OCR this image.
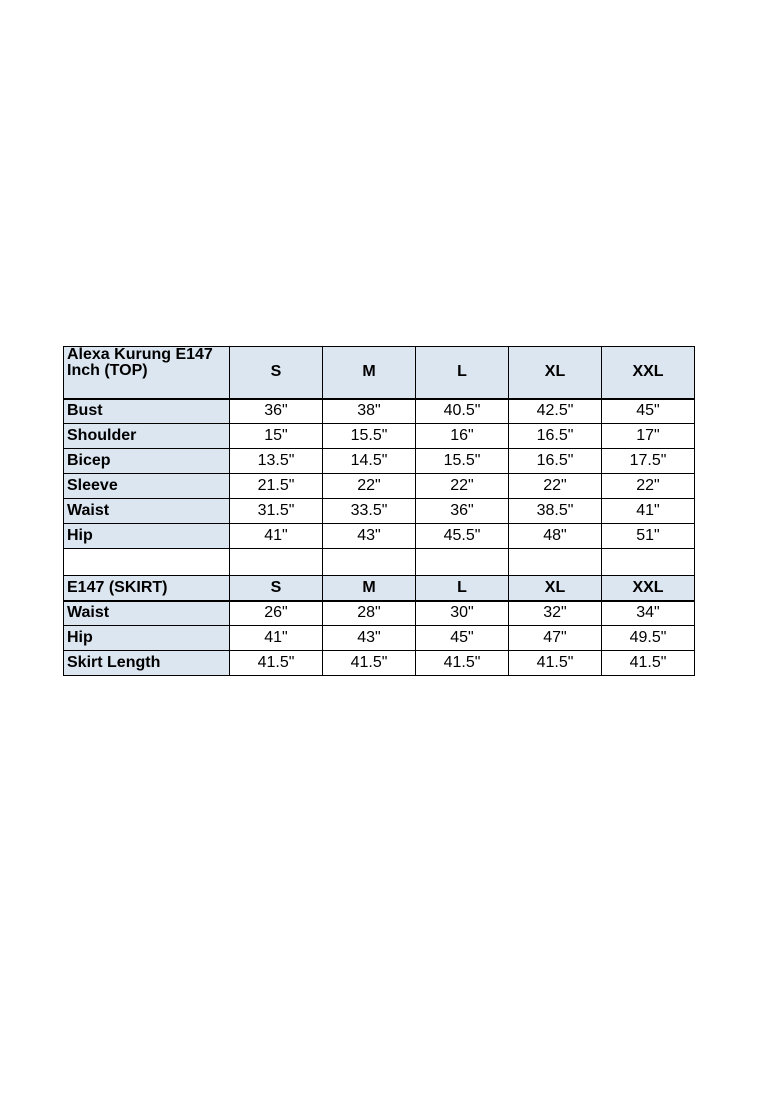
Alexa Kurung E147
Inch (TOP)	S	M	L	XL	XXL
Bust	36"	38"	40.5"	42.5"	45"
Shoulder	15"	15.5"	16"	16.5"	17"
Bicep	13.5"	14.5"	15.5"	16.5"	17.5"
Sleeve	21.5"	22"	22"	22"	22"
Waist	31.5"	33.5"	36"	38.5"	41"
Hip	41"	43"	45.5"	48"	51"

E147 (SKIRT)	S	M	L	XL	XXL
Waist	26"	28"	30"	32"	34"
Hip	41"	43"	45"	47"	49.5"
Skirt Length	41.5"	41.5"	41.5"	41.5"	41.5"
